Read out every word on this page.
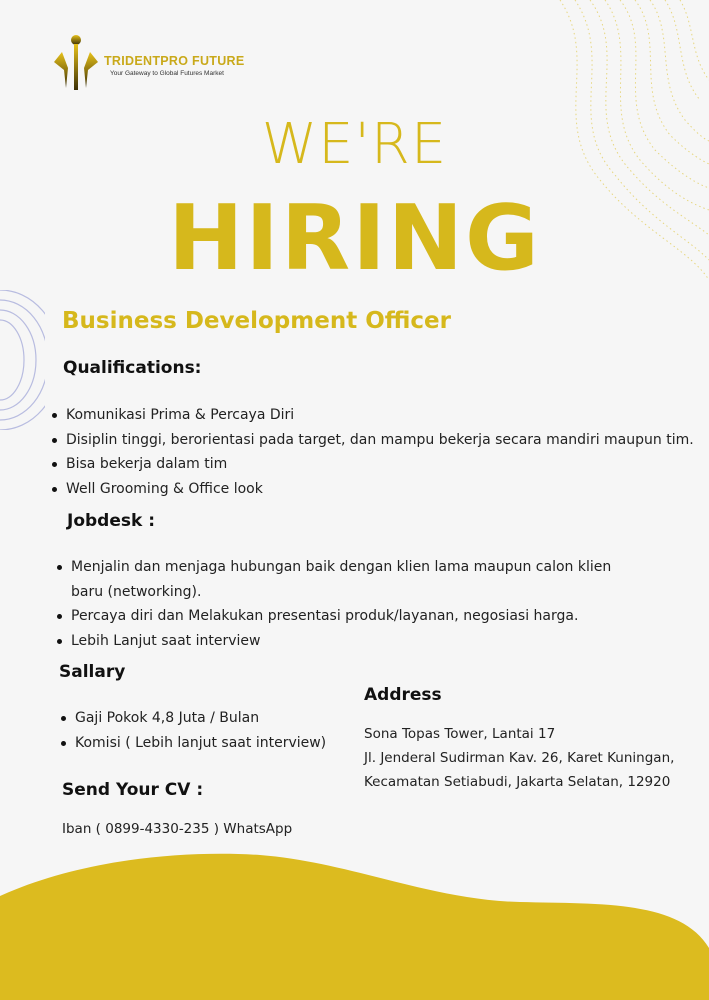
TRIDENTPRO FUTURE
Your Gateway to Global Futures Market
WE'RE
HIRING
Business Development Officer
Qualifications:
Komunikasi Prima & Percaya Diri
Disiplin tinggi, berorientasi pada target, dan mampu bekerja secara mandiri maupun tim.
Bisa bekerja dalam tim
Well Grooming & Office look
Jobdesk :
Menjalin dan menjaga hubungan baik dengan klien lama maupun calon klien baru (networking).
Percaya diri dan Melakukan presentasi produk/layanan, negosiasi harga.
Lebih Lanjut saat interview
Sallary
Gaji Pokok 4,8 Juta / Bulan
Komisi ( Lebih lanjut saat interview)
Send Your CV :
Iban ( 0899-4330-235 ) WhatsApp
Address
Sona Topas Tower, Lantai 17
Jl. Jenderal Sudirman Kav. 26, Karet Kuningan,
Kecamatan Setiabudi, Jakarta Selatan, 12920
